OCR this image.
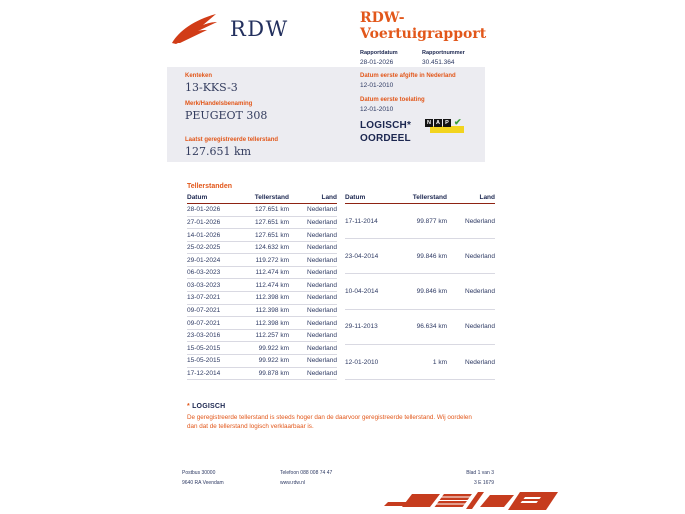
RDW	RDW-Voertuigrapport
Rapportdatum
28-01-2026
Rapportnummer
30.451.364
Kenteken
13-KKS-3
Merk/Handelsbenaming
PEUGEOT 308
Laatst geregistreerde tellerstand
127.651 km
Datum eerste afgifte in Nederland
12-01-2010
Datum eerste toelating
12-01-2010
LOGISCH*
OORDEEL
N A P ✔
Tellerstanden
Datum	Tellerstand	Land
28-01-2026	127.651 km	Nederland
27-01-2026	127.651 km	Nederland
14-01-2026	127.651 km	Nederland
25-02-2025	124.632 km	Nederland
29-01-2024	119.272 km	Nederland
06-03-2023	112.474 km	Nederland
03-03-2023	112.474 km	Nederland
13-07-2021	112.398 km	Nederland
09-07-2021	112.398 km	Nederland
09-07-2021	112.398 km	Nederland
23-03-2016	112.257 km	Nederland
15-05-2015	99.922 km	Nederland
15-05-2015	99.922 km	Nederland
17-12-2014	99.878 km	Nederland
Datum	Tellerstand	Land
17-11-2014	99.877 km	Nederland
23-04-2014	99.846 km	Nederland
10-04-2014	99.846 km	Nederland
29-11-2013	96.634 km	Nederland
12-01-2010	1 km	Nederland
* LOGISCH
De geregistreerde tellerstand is steeds hoger dan de daarvoor geregistreerde tellerstand. Wij oordelen dan dat de tellerstand logisch verklaarbaar is.
Postbus 30000
9640 RA Veendam
Telefoon 088 008 74 47
www.rdw.nl
Blad 1 van 3
3 E 1679
